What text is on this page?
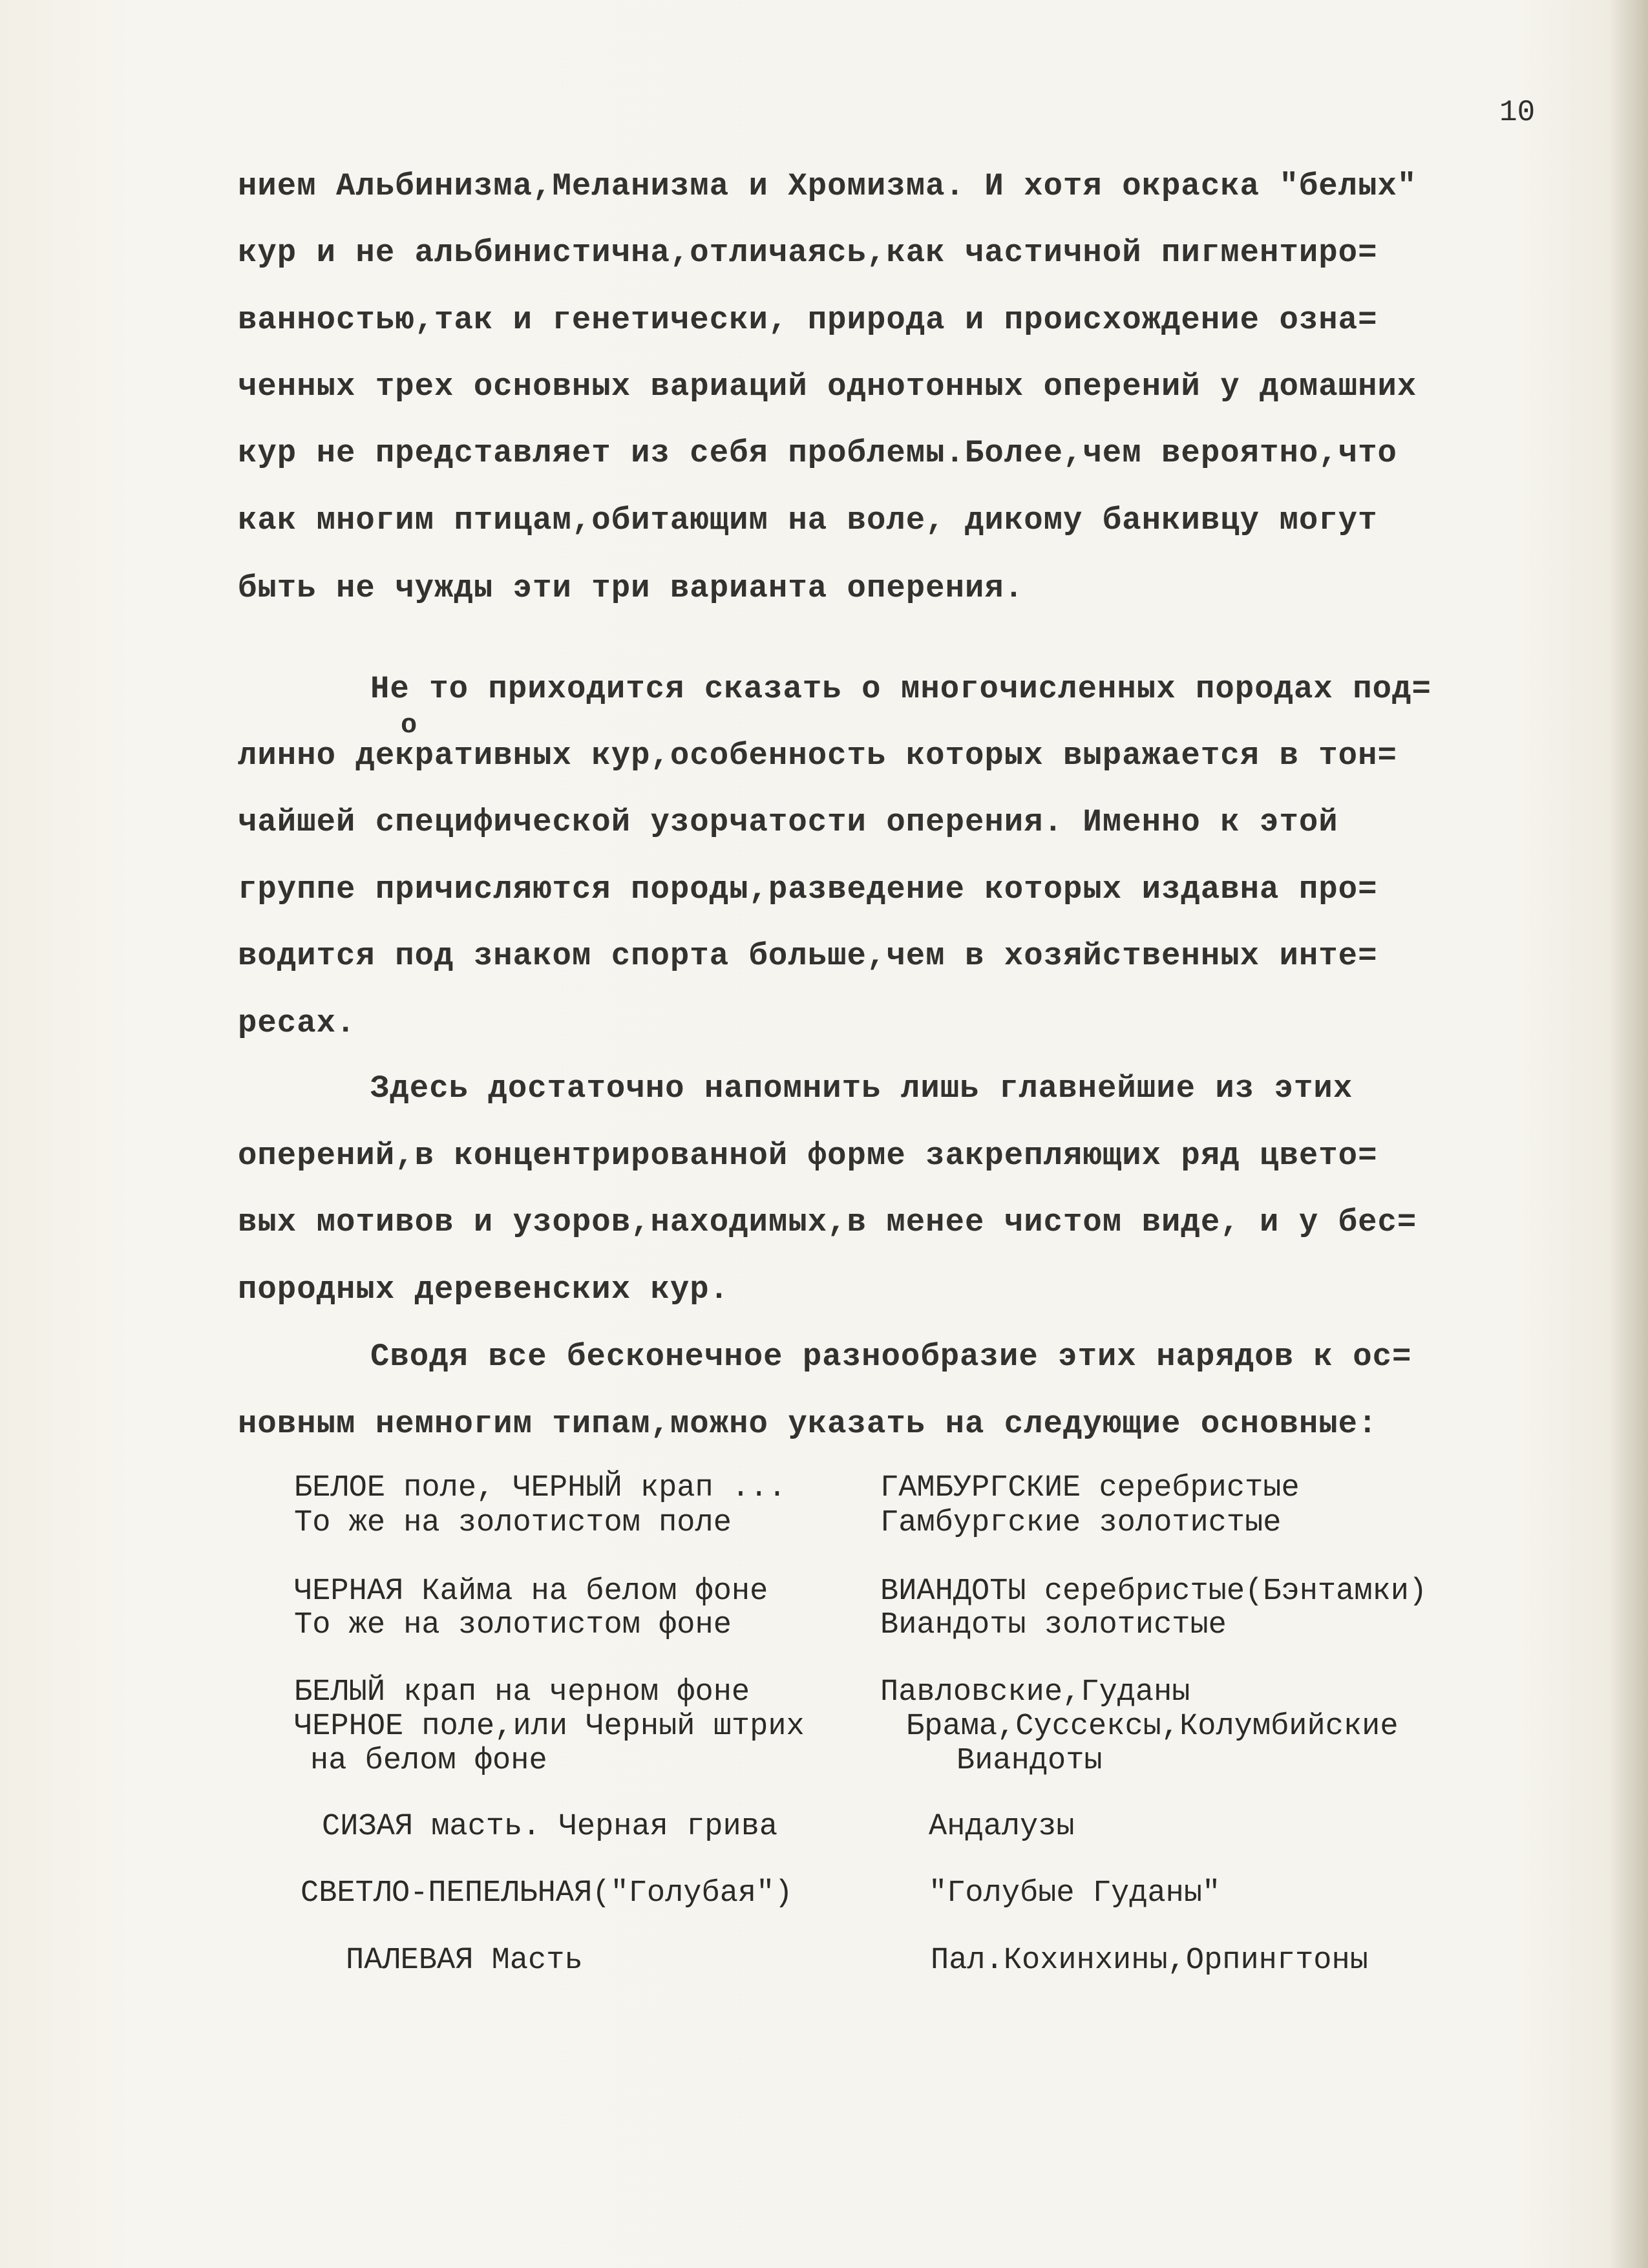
10
нием Альбинизма,Меланизма и Хромизма. И хотя окраска "белых"
кур и не альбинистична,отличаясь,как частичной пигментиро=
ванностью,так и генетически, природа и происхождение озна=
ченных трех основных вариаций однотонных оперений у домашних
кур не представляет из себя проблемы.Более,чем вероятно,что
как многим птицам,обитающим на воле, дикому банкивцу могут
быть не чужды эти три варианта оперения.
Не то приходится сказать о многочисленных породах под=
о
линно декративных кур,особенность которых выражается в тон=
чайшей специфической узорчатости оперения. Именно к этой
группе причисляются породы,разведение которых издавна про=
водится под знаком спорта больше,чем в хозяйственных инте=
ресах.
Здесь достаточно напомнить лишь главнейшие из этих
оперений,в концентрированной форме закрепляющих ряд цвето=
вых мотивов и узоров,находимых,в менее чистом виде, и у бес=
породных деревенских кур.
Сводя все бесконечное разнообразие этих нарядов к ос=
новным немногим типам,можно указать на следующие основные:
БЕЛОЕ поле, ЧЕРНЫЙ крап ...	ГАМБУРГСКИЕ серебристые
То же на золотистом поле	Гамбургские золотистые
ЧЕРНАЯ Кайма на белом фоне	ВИАНДОТЫ серебристые(Бэнтамки)
То же на золотистом фоне	Виандоты золотистые
БЕЛЫЙ крап на черном фоне	Павловские,Гуданы
ЧЕРНОЕ поле,или Черный штрих	Брама,Суссексы,Колумбийские
на белом фоне	Виандоты
СИЗАЯ масть. Черная грива	Андалузы
СВЕТЛО-ПЕПЕЛЬНАЯ("Голубая")	"Голубые Гуданы"
ПАЛЕВАЯ Масть	Пал.Кохинхины,Орпингтоны
